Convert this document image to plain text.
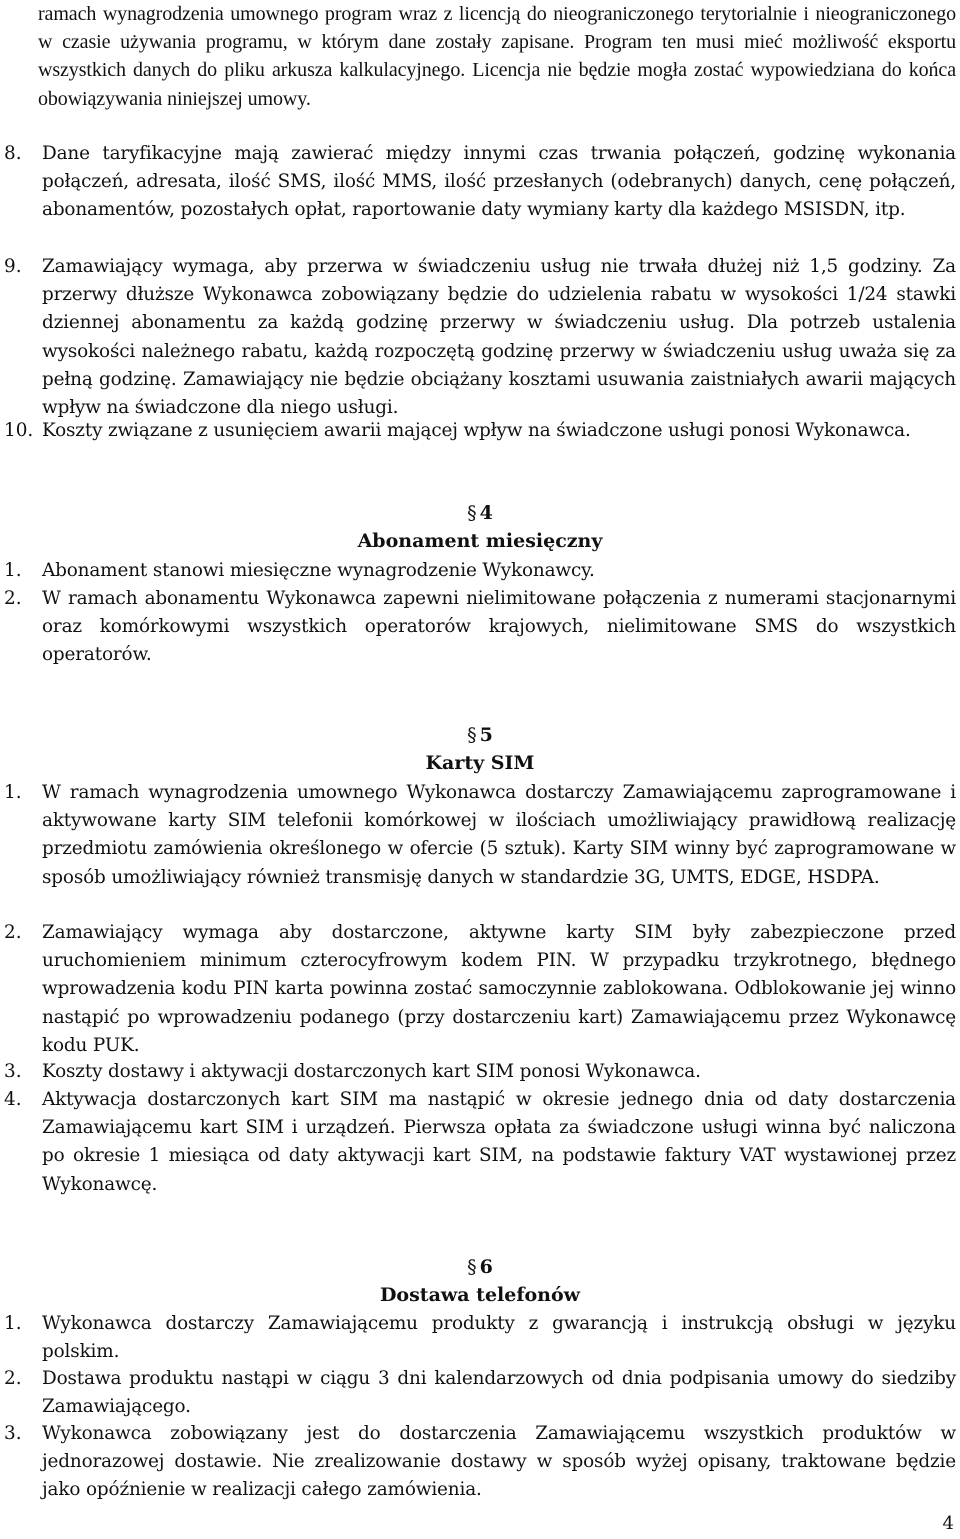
ramach wynagrodzenia umownego program wraz z licencją do nieograniczonego terytorialnie i nieograniczonego w czasie używania programu, w którym dane zostały zapisane. Program ten musi mieć możliwość eksportu wszystkich danych do pliku arkusza kalkulacyjnego. Licencja nie będzie mogła zostać wypowiedziana do końca obowiązywania niniejszej umowy.

8.	Dane taryfikacyjne mają zawierać między innymi czas trwania połączeń, godzinę wykonania połączeń, adresata, ilość SMS, ilość MMS, ilość przesłanych (odebranych) danych, cenę połączeń, abonamentów, pozostałych opłat, raportowanie daty wymiany karty dla każdego MSISDN, itp.
9.	Zamawiający wymaga, aby przerwa w świadczeniu usług nie trwała dłużej niż 1,5 godziny. Za przerwy dłuższe Wykonawca zobowiązany będzie do udzielenia rabatu w wysokości 1/24 stawki dziennej abonamentu za każdą godzinę przerwy w świadczeniu usług. Dla potrzeb ustalenia wysokości należnego rabatu, każdą rozpoczętą godzinę przerwy w świadczeniu usług uważa się za pełną godzinę. Zamawiający nie będzie obciążany kosztami usuwania zaistniałych awarii mających wpływ na świadczone dla niego usługi.
10. Koszty związane z usunięciem awarii mającej wpływ na świadczone usługi ponosi Wykonawca.
§ 4
Abonament miesięczny
1.	Abonament stanowi miesięczne wynagrodzenie Wykonawcy.
2.	W ramach abonamentu Wykonawca zapewni nielimitowane połączenia z numerami stacjonarnymi oraz komórkowymi wszystkich operatorów krajowych, nielimitowane SMS do wszystkich operatorów.
§ 5
Karty SIM
1.	W ramach wynagrodzenia umownego Wykonawca dostarczy Zamawiającemu zaprogramowane i aktywowane karty SIM telefonii komórkowej w ilościach umożliwiający prawidłową realizację przedmiotu zamówienia określonego w ofercie (5 sztuk). Karty SIM winny być zaprogramowane w sposób umożliwiający również transmisję danych w standardzie 3G, UMTS, EDGE, HSDPA.
2.	Zamawiający wymaga aby dostarczone, aktywne karty SIM były zabezpieczone przed uruchomieniem minimum czterocyfrowym kodem PIN. W przypadku trzykrotnego, błędnego wprowadzenia kodu PIN karta powinna zostać samoczynnie zablokowana. Odblokowanie jej winno nastąpić po wprowadzeniu podanego (przy dostarczeniu kart) Zamawiającemu przez Wykonawcę kodu PUK.
3.	Koszty dostawy i aktywacji dostarczonych kart SIM ponosi Wykonawca.
4.	Aktywacja dostarczonych kart SIM ma nastąpić w okresie jednego dnia od daty dostarczenia Zamawiającemu kart SIM i urządzeń. Pierwsza opłata za świadczone usługi winna być naliczona po okresie 1 miesiąca od daty aktywacji kart SIM, na podstawie faktury VAT wystawionej przez Wykonawcę.
§ 6
Dostawa telefonów
1.	Wykonawca dostarczy Zamawiającemu produkty z gwarancją i instrukcją obsługi w języku polskim.
2.	Dostawa produktu nastąpi w ciągu 3 dni kalendarzowych od dnia podpisania umowy do siedziby Zamawiającego.
3.	Wykonawca zobowiązany jest do dostarczenia Zamawiającemu wszystkich produktów w jednorazowej dostawie. Nie zrealizowanie dostawy w sposób wyżej opisany, traktowane będzie jako opóźnienie w realizacji całego zamówienia.
4
